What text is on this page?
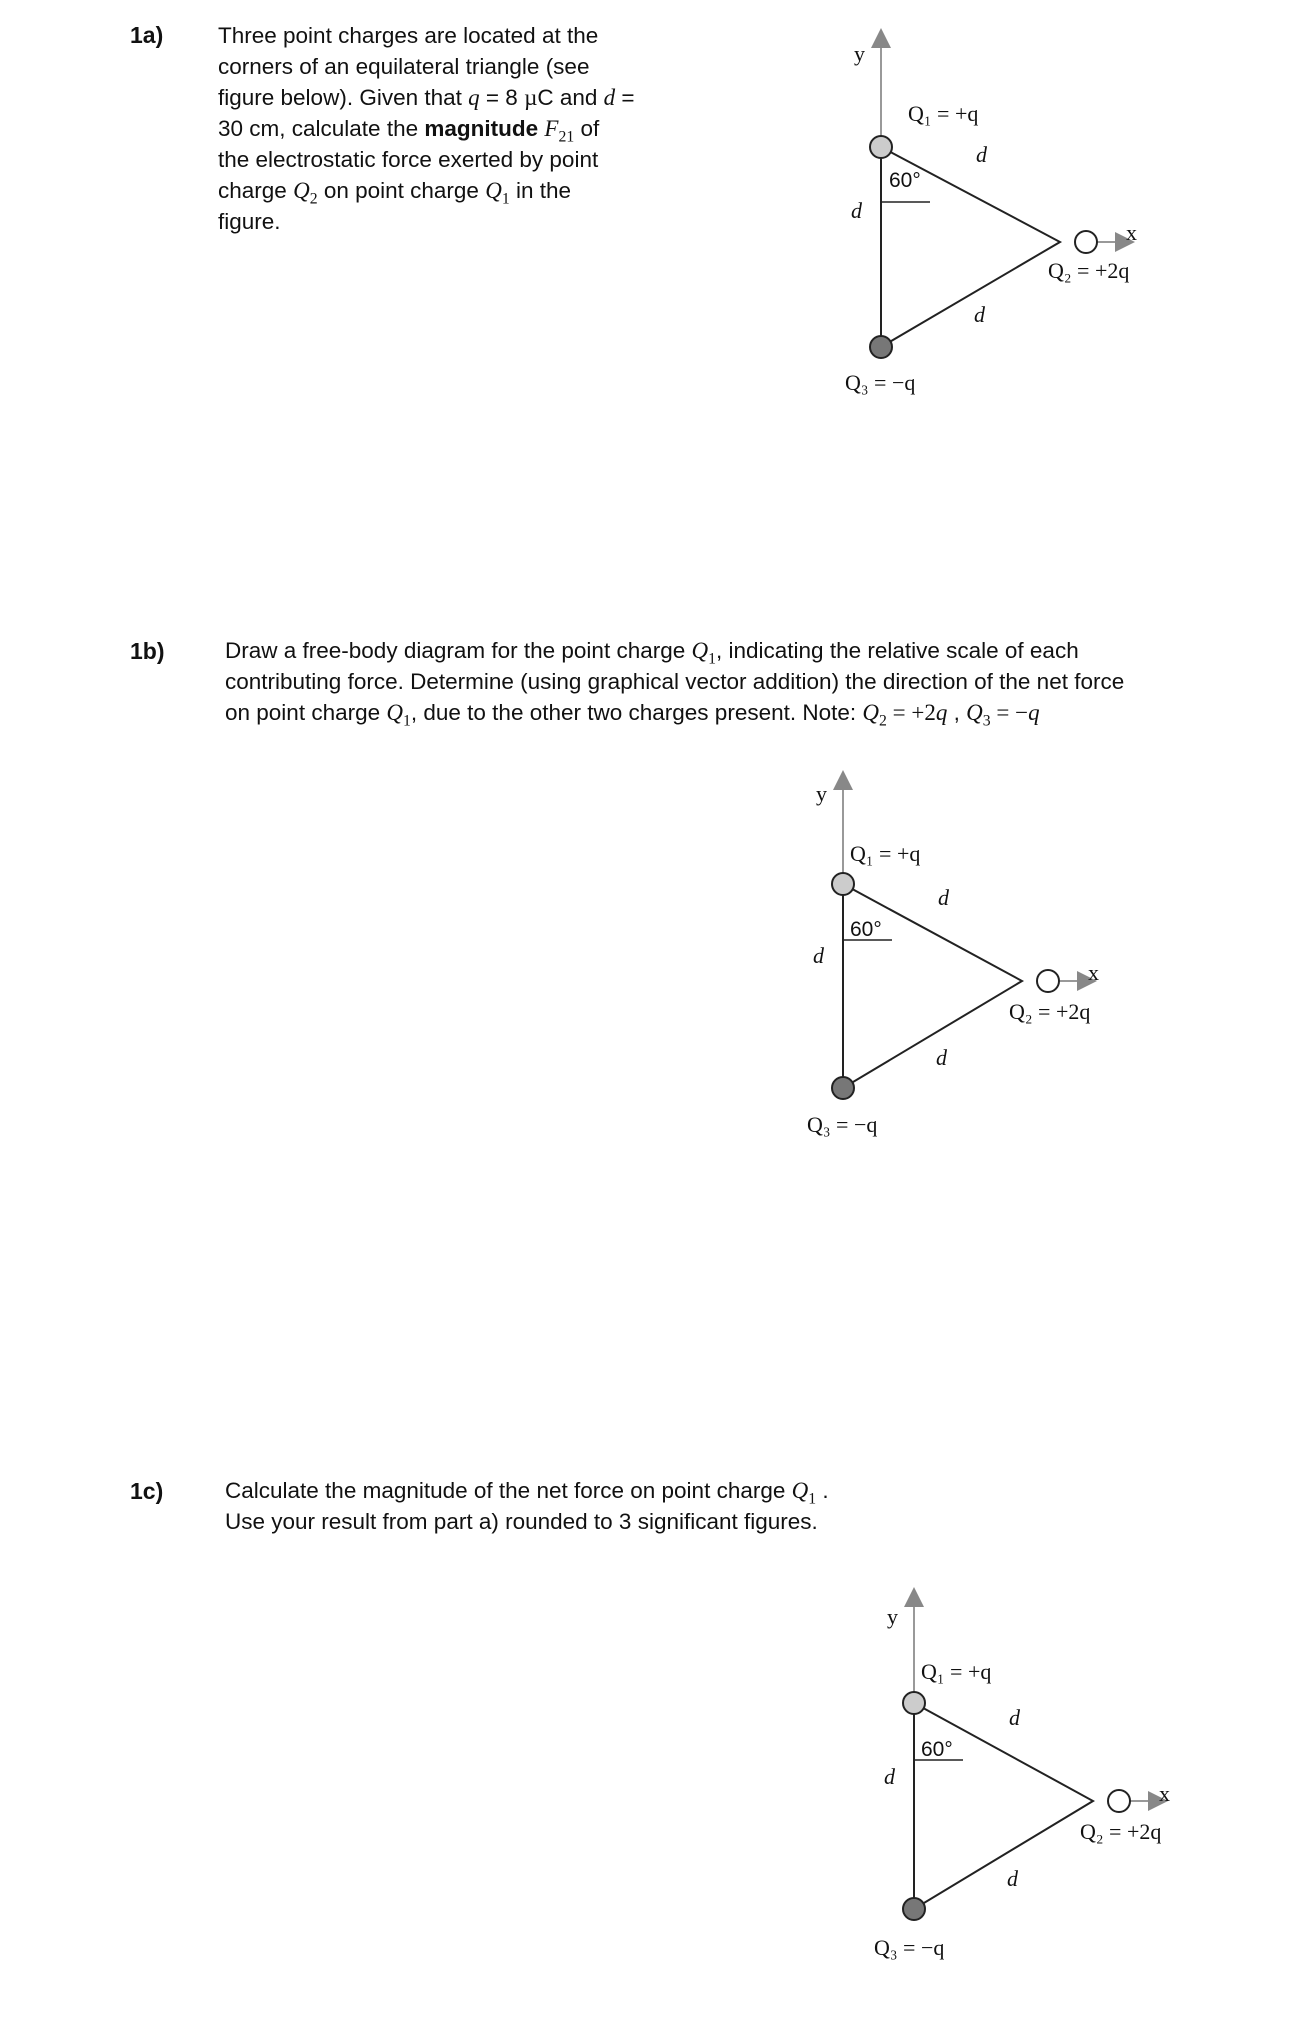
1a) Three point charges are located at the
corners of an equilateral triangle (see
figure below). Given that q = 8 µC and d =
30 cm, calculate the magnitude $F_{21}$ of
the electrostatic force exerted by point
charge $Q_2$ on point charge $Q_1$ in the
figure.
y
x
Q₁ = +q
Q₂ = +2q
Q₃ = −q
d
d
d
60°
1b)	Draw a free-body diagram for the point charge $Q_1$, indicating the relative scale of each
contributing force. Determine (using graphical vector addition) the direction of the net force
on point charge $Q_1$, due to the other two charges present. Note: $Q_2 = +2q$ , $Q_3 = -q$
y
x
Q₁ = +q
Q₂ = +2q
Q₃ = −q
d
d
d
60°
1c)	Calculate the magnitude of the net force on point charge $Q_1$ .
Use your result from part a) rounded to 3 significant figures.
y
x
Q₁ = +q
Q₂ = +2q
Q₃ = −q
d
d
d
60°
